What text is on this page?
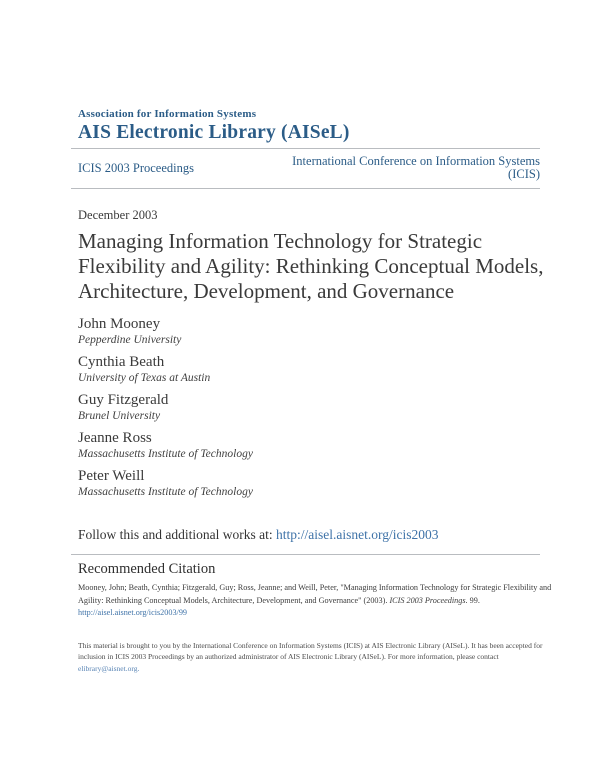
Association for Information Systems
AIS Electronic Library (AISeL)
ICIS 2003 Proceedings	International Conference on Information Systems
(ICIS)
December 2003
Managing Information Technology for Strategic Flexibility and Agility: Rethinking Conceptual Models, Architecture, Development, and Governance
John Mooney
Pepperdine University
Cynthia Beath
University of Texas at Austin
Guy Fitzgerald
Brunel University
Jeanne Ross
Massachusetts Institute of Technology
Peter Weill
Massachusetts Institute of Technology

Follow this and additional works at: http://aisel.aisnet.org/icis2003

Recommended Citation

Mooney, John; Beath, Cynthia; Fitzgerald, Guy; Ross, Jeanne; and Weill, Peter, "Managing Information Technology for Strategic Flexibility and Agility: Rethinking Conceptual Models, Architecture, Development, and Governance" (2003). ICIS 2003 Proceedings. 99.

http://aisel.aisnet.org/icis2003/99
This material is brought to you by the International Conference on Information Systems (ICIS) at AIS Electronic Library (AISeL). It has been accepted for inclusion in ICIS 2003 Proceedings by an authorized administrator of AIS Electronic Library (AISeL). For more information, please contact elibrary@aisnet.org.
